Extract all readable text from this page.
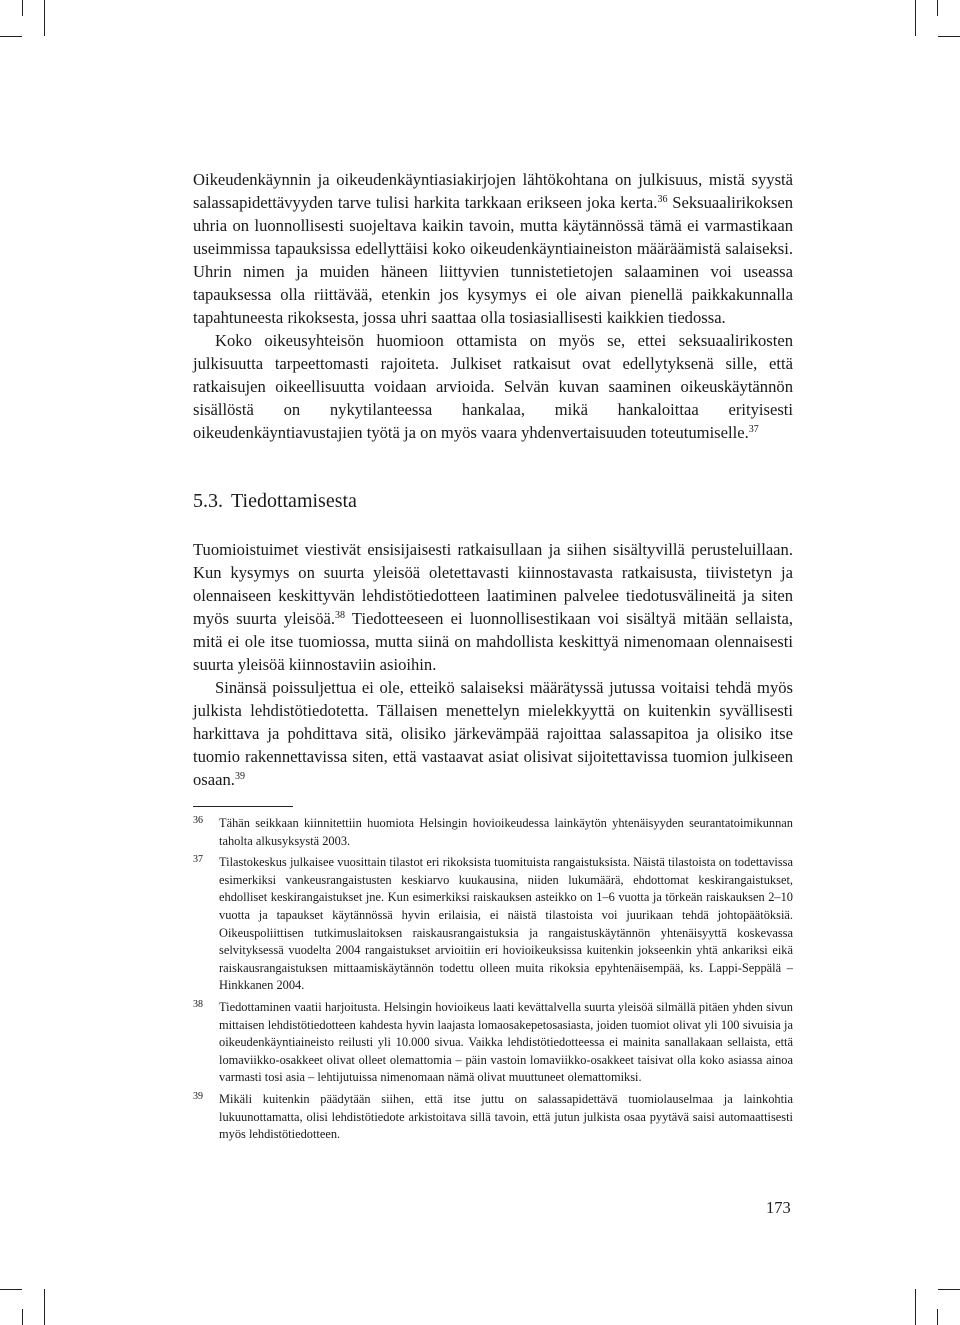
Oikeudenkäynnin ja oikeudenkäyntiasiakirjojen lähtökohtana on julkisuus, mistä syystä salassapidettävyyden tarve tulisi harkita tarkkaan erikseen joka kerta.$^{36}$ Seksuaalirikoksen uhria on luonnollisesti suojeltava kaikin tavoin, mutta käytännössä tämä ei varmastikaan useimmissa tapauksissa edellyttäisi koko oikeudenkäyntiaineiston määräämistä salaiseksi. Uhrin nimen ja muiden häneen liittyvien tunnistetietojen salaaminen voi useassa tapauksessa olla riittävää, etenkin jos kysymys ei ole aivan pienellä paikkakunnalla tapahtuneesta rikoksesta, jossa uhri saattaa olla tosiasiallisesti kaikkien tiedossa.

Koko oikeusyhteisön huomioon ottamista on myös se, ettei seksuaalirikosten julkisuutta tarpeettomasti rajoiteta. Julkiset ratkaisut ovat edellytyksenä sille, että ratkaisujen oikeellisuutta voidaan arvioida. Selvän kuvan saaminen oikeuskäytännön sisällöstä on nykytilanteessa hankalaa, mikä hankaloittaa erityisesti oikeudenkäyntiavustajien työtä ja on myös vaara yhdenvertaisuuden toteutumiselle.$^{37}$

5.3. Tiedottamisesta

Tuomioistuimet viestivät ensisijaisesti ratkaisullaan ja siihen sisältyvillä perusteluillaan. Kun kysymys on suurta yleisöä oletettavasti kiinnostavasta ratkaisusta, tiivistetyn ja olennaiseen keskittyvän lehdistötiedotteen laatiminen palvelee tiedotusvälineitä ja siten myös suurta yleisöä.$^{38}$ Tiedotteeseen ei luonnollisestikaan voi sisältyä mitään sellaista, mitä ei ole itse tuomiossa, mutta siinä on mahdollista keskittyä nimenomaan olennaisesti suurta yleisöä kiinnostaviin asioihin.

Sinänsä poissuljettua ei ole, etteikö salaiseksi määrätyssä jutussa voitaisi tehdä myös julkista lehdistötiedotetta. Tällaisen menettelyn mielekkyyttä on kuitenkin syvällisesti harkittava ja pohdittava sitä, olisiko järkevämpää rajoittaa salassapitoa ja olisiko itse tuomio rakennettavissa siten, että vastaavat asiat olisivat sijoitettavissa tuomion julkiseen osaan.$^{39}$

36 Tähän seikkaan kiinnitettiin huomiota Helsingin hovioikeudessa lainkäytön yhtenäisyyden seurantatoimikunnan taholta alkusyksystä 2003.

37 Tilastokeskus julkaisee vuosittain tilastot eri rikoksista tuomituista rangaistuksista. Näistä tilastoista on todettavissa esimerkiksi vankeusrangaistusten keskiarvo kuukausina, niiden lukumäärä, ehdottomat keskirangaistukset, ehdolliset keskirangaistukset jne. Kun esimerkiksi raiskauksen asteikko on 1–6 vuotta ja törkeän raiskauksen 2–10 vuotta ja tapaukset käytännössä hyvin erilaisia, ei näistä tilastoista voi juurikaan tehdä johtopäätöksiä. Oikeuspoliittisen tutkimuslaitoksen raiskausrangaistuksia ja rangaistuskäytännön yhtenäisyyttä koskevassa selvityksessä vuodelta 2004 rangaistukset arvioitiin eri hovioikeuksissa kuitenkin jokseenkin yhtä ankariksi eikä raiskausrangaistuksen mittaamiskäytännön todettu olleen muita rikoksia epyhtenäisempää, ks. Lappi-Seppälä – Hinkkanen 2004.

38 Tiedottaminen vaatii harjoitusta. Helsingin hovioikeus laati kevättalvella suurta yleisöä silmällä pitäen yhden sivun mittaisen lehdistötiedotteen kahdesta hyvin laajasta lomaosakepetosasiasta, joiden tuomiot olivat yli 100 sivuisia ja oikeudenkäyntiaineisto reilusti yli 10.000 sivua. Vaikka lehdistötiedotteessa ei mainita sanallakaan sellaista, että lomaviikko-osakkeet olivat olleet olemattomia – päin vastoin lomaviikko-osakkeet taisivat olla koko asiassa ainoa varmasti tosi asia – lehtijutuissa nimenomaan nämä olivat muuttuneet olemattomiksi.

39 Mikäli kuitenkin päädytään siihen, että itse juttu on salassapidettävä tuomiolauselmaa ja lainkohtia lukuunottamatta, olisi lehdistötiedote arkistoitava sillä tavoin, että jutun julkista osaa pyytävä saisi automaattisesti myös lehdistötiedotteen.

173
